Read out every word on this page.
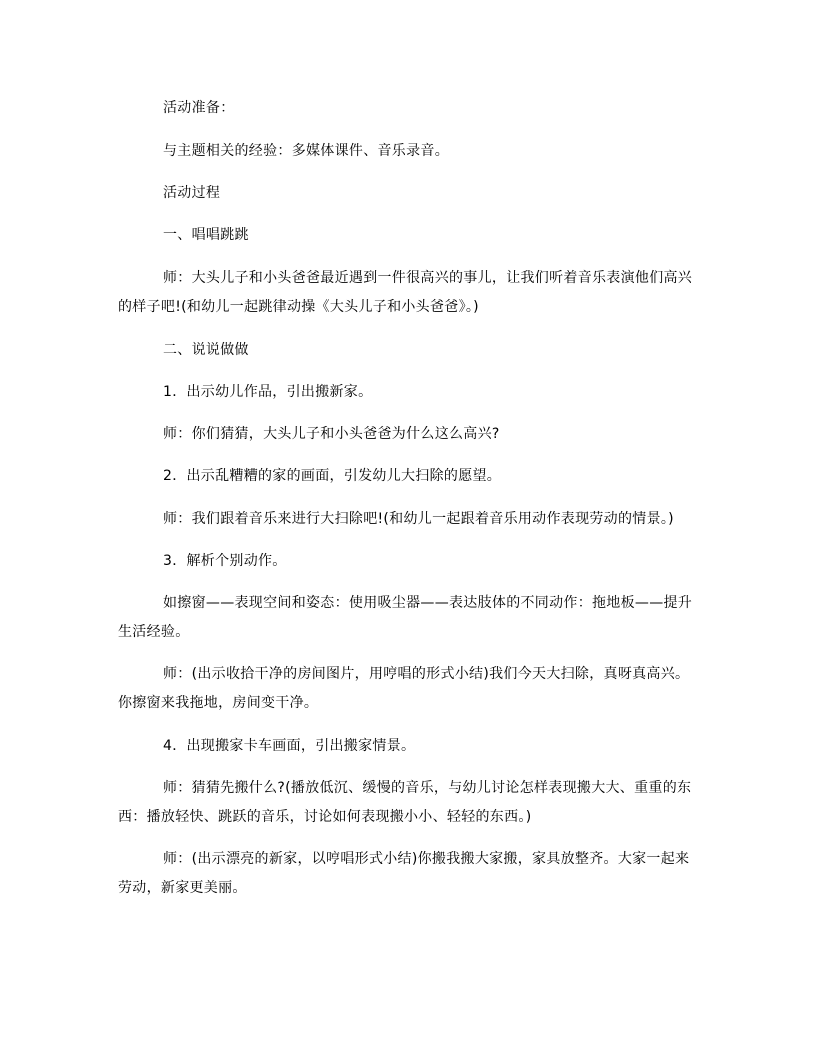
活动准备：

与主题相关的经验：多媒体课件、音乐录音。

活动过程

一、唱唱跳跳

师：大头儿子和小头爸爸最近遇到一件很高兴的事儿，让我们听着音乐表演他们高兴的样子吧!(和幼儿一起跳律动操《大头儿子和小头爸爸》。)

二、说说做做

1．出示幼儿作品，引出搬新家。

师：你们猜猜，大头儿子和小头爸爸为什么这么高兴?

2．出示乱糟糟的家的画面，引发幼儿大扫除的愿望。

师：我们跟着音乐来进行大扫除吧!(和幼儿一起跟着音乐用动作表现劳动的情景。)

3．解析个别动作。

如擦窗——表现空间和姿态：使用吸尘器——表达肢体的不同动作：拖地板——提升生活经验。

师：(出示收拾干净的房间图片，用哼唱的形式小结)我们今天大扫除，真呀真高兴。你擦窗来我拖地，房间变干净。

4．出现搬家卡车画面，引出搬家情景。

师：猜猜先搬什么?(播放低沉、缓慢的音乐，与幼儿讨论怎样表现搬大大、重重的东西：播放轻快、跳跃的音乐，讨论如何表现搬小小、轻轻的东西。)

师：(出示漂亮的新家，以哼唱形式小结)你搬我搬大家搬，家具放整齐。大家一起来劳动，新家更美丽。
